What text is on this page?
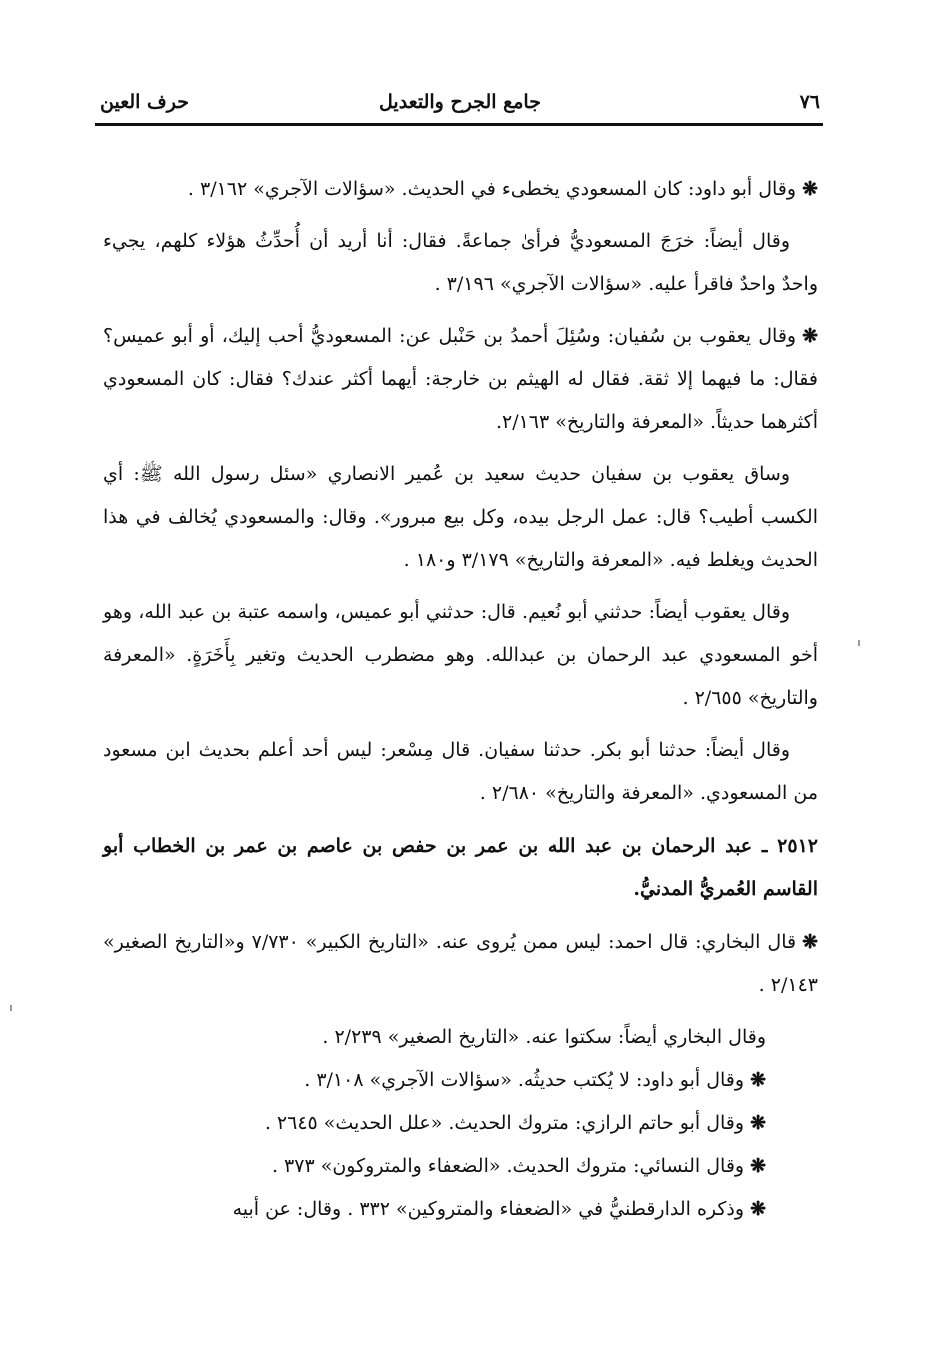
٧٦
جامع الجرح والتعديل
حرف العين

❋وقال أبو داود: كان المسعودي يخطىء في الحديث. «سؤالات الآجري» ٣/١٦٢ .

وقال أيضاً: خرَجَ المسعوديُّ فرأىٰ جماعةً. فقال: أنا أريد أن أُحدِّثُ هؤلاء كلهم، يجيء واحدٌ واحدٌ فاقرأ عليه. «سؤالات الآجري» ٣/١٩٦ .

❋وقال يعقوب بن سُفيان: وسُئِلَ أحمدُ بن حَنْبل عن: المسعوديُّ أحب إليك، أو أبو عميس؟ فقال: ما فيهما إلا ثقة. فقال له الهيثم بن خارجة: أيهما أكثر عندك؟ فقال: كان المسعودي أكثرهما حديثاً. «المعرفة والتاريخ» ٢/١٦٣.

وساق يعقوب بن سفيان حديث سعيد بن عُمير الانصاري «سئل رسول الله ﷺ: أي الكسب أطيب؟ قال: عمل الرجل بيده، وكل بيع مبرور». وقال: والمسعودي يُخالف في هذا الحديث ويغلط فيه. «المعرفة والتاريخ» ٣/١٧٩ و١٨٠ .

وقال يعقوب أيضاً: حدثني أبو نُعيم. قال: حدثني أبو عميس، واسمه عتبة بن عبد الله، وهو أخو المسعودي عبد الرحمان بن عبدالله. وهو مضطرب الحديث وتغير بِأَخَرَةٍ. «المعرفة والتاريخ» ٢/٦٥٥ .

وقال أيضاً: حدثنا أبو بكر. حدثنا سفيان. قال مِسْعر: ليس أحد أعلم بحديث ابن مسعود من المسعودي. «المعرفة والتاريخ» ٢/٦٨٠ .

٢٥١٢ ـ عبد الرحمان بن عبد الله بن عمر بن حفص بن عاصم بن عمر بن الخطاب أبو القاسم العُمريُّ المدنيُّ.

❋قال البخاري: قال احمد: ليس ممن يُروى عنه. «التاريخ الكبير» ٧/٧٣٠ و«التاريخ الصغير» ٢/١٤٣ .

وقال البخاري أيضاً: سكتوا عنه. «التاريخ الصغير» ٢/٢٣٩ .

❋وقال أبو داود: لا يُكتب حديثُه. «سؤالات الآجري» ٣/١٠٨ .

❋وقال أبو حاتم الرازي: متروك الحديث. «علل الحديث» ٢٦٤٥ .

❋وقال النسائي: متروك الحديث. «الضعفاء والمتروكون» ٣٧٣ .

❋وذكره الدارقطنيُّ في «الضعفاء والمتروكين» ٣٣٢ . وقال: عن أبيه
